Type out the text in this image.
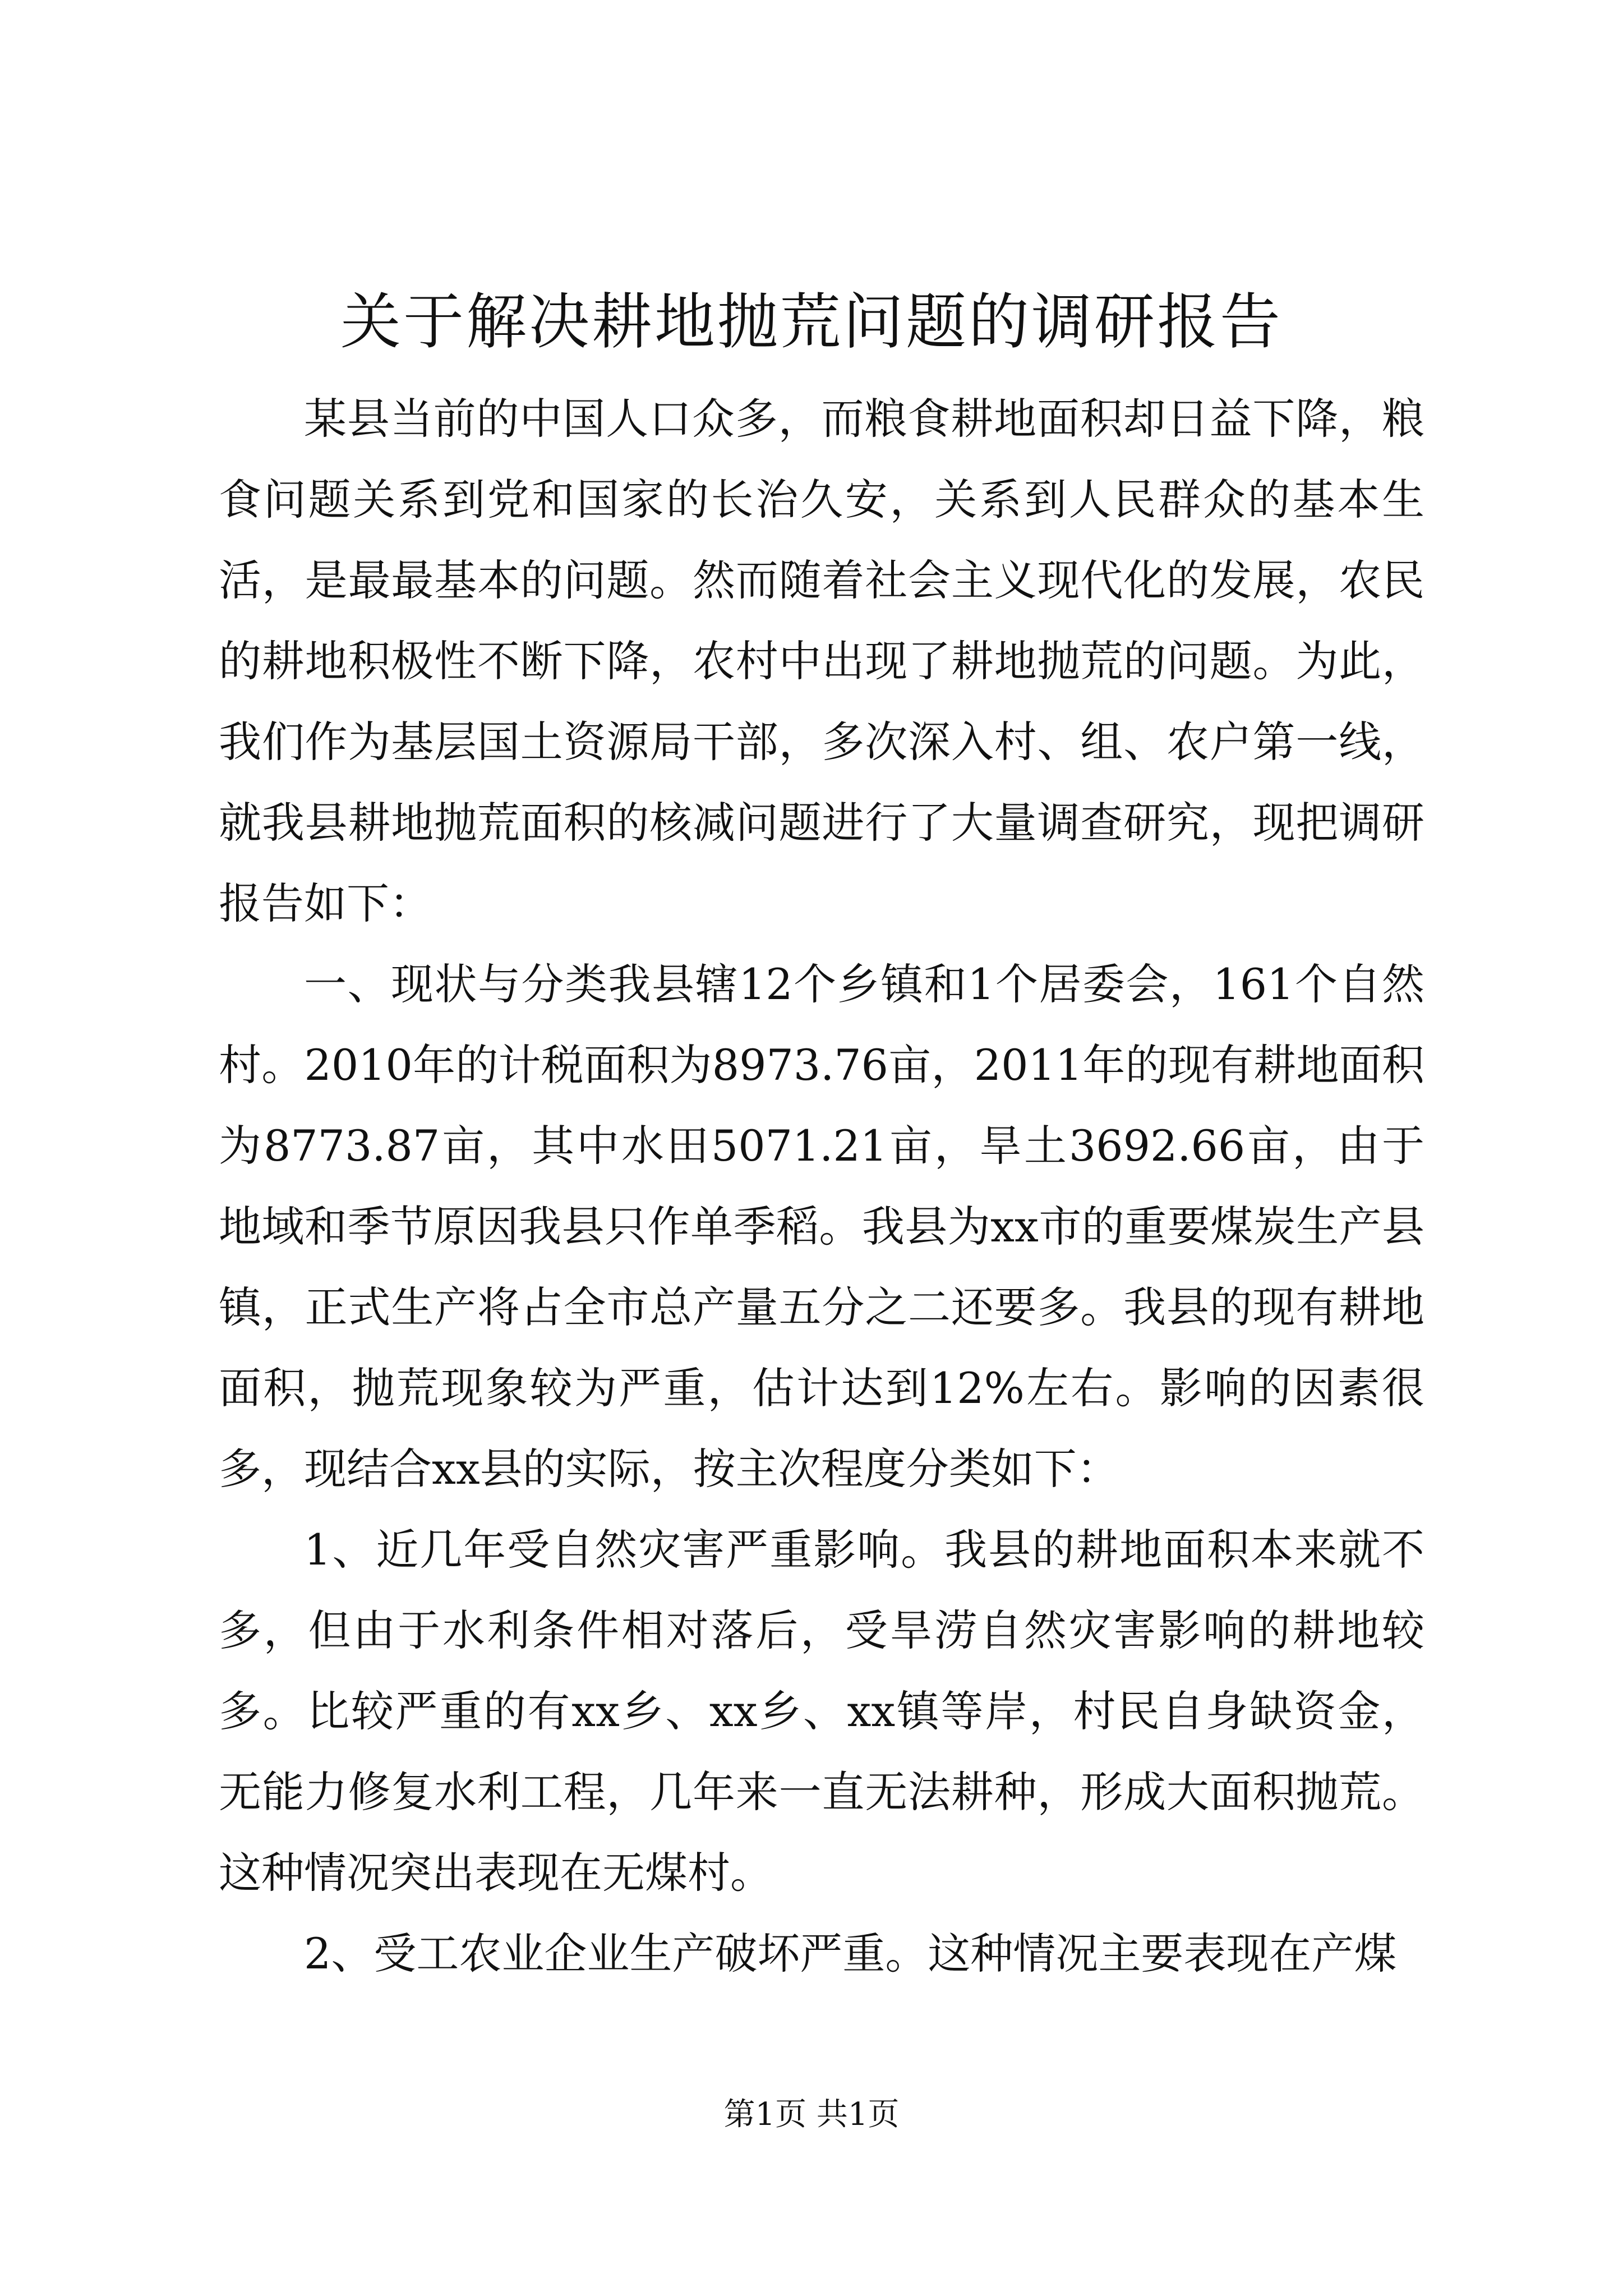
关于解决耕地抛荒问题的调研报告

某县当前的中国人口众多，而粮食耕地面积却日益下降，粮食问题关系到党和国家的长治久安，关系到人民群众的基本生活，是最最基本的问题。然而随着社会主义现代化的发展，农民的耕地积极性不断下降，农村中出现了耕地抛荒的问题。为此，我们作为基层国土资源局干部，多次深入村、组、农户第一线，就我县耕地抛荒面积的核减问题进行了大量调查研究，现把调研报告如下：

一、现状与分类我县辖12个乡镇和1个居委会，161个自然村。2010年的计税面积为8973.76亩，2011年的现有耕地面积为8773.87亩，其中水田5071.21亩，旱土3692.66亩，由于地域和季节原因我县只作单季稻。我县为xx市的重要煤炭生产县镇，正式生产将占全市总产量五分之二还要多。我县的现有耕地面积，抛荒现象较为严重，估计达到12%左右。影响的因素很多，现结合xx县的实际，按主次程度分类如下：

1、近几年受自然灾害严重影响。我县的耕地面积本来就不多，但由于水利条件相对落后，受旱涝自然灾害影响的耕地较多。比较严重的有xx乡、xx乡、xx镇等岸，村民自身缺资金，无能力修复水利工程，几年来一直无法耕种，形成大面积抛荒。这种情况突出表现在无煤村。

2、受工农业企业生产破坏严重。这种情况主要表现在产煤

第1页 共1页
